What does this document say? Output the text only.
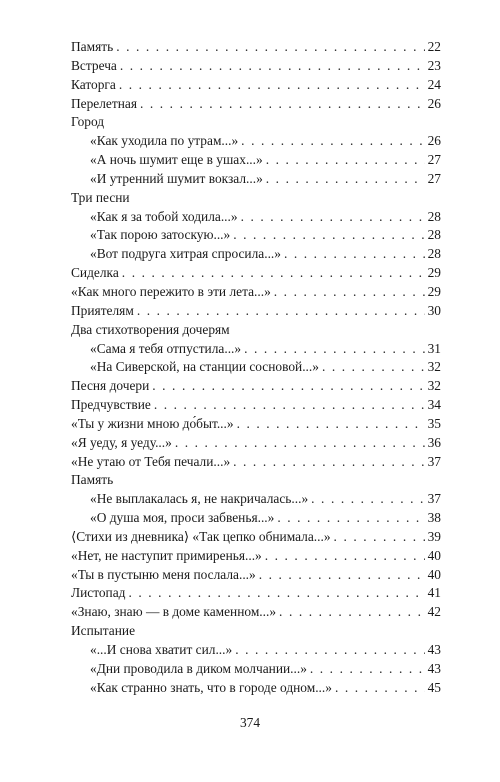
Память . . .	22
Встреча . . .	23
Каторга . . .	24
Перелетная . . .	26
Город
«Как уходила по утрам...» . . .	26
«А ночь шумит еще в ушах...» . . .	27
«И утренний шумит вокзал...» . . .	27
Три песни
«Как я за тобой ходила...» . . .	28
«Так порою затоскую...» . . .	28
«Вот подруга хитрая спросила...» . . .	28
Сиделка . . .	29
«Как много пережито в эти лета...» . . .	29
Приятелям . . .	30
Два стихотворения дочерям
«Сама я тебя отпустила...» . . .	31
«На Сиверской, на станции сосновой...» . . .	32
Песня дочери . . .	32
Предчувствие . . .	34
«Ты у жизни мною до́быт...» . . .	35
«Я уеду, я уеду...» . . .	36
«Не утаю от Тебя печали...» . . .	37
Память
«Не выплакалась я, не накричалась...» . . .	37
«О душа моя, проси забвенья...» . . .	38
⟨Стихи из дневника⟩ «Так цепко обнимала...» . . .	39
«Нет, не наступит примиренья...» . . .	40
«Ты в пустыню меня послала...» . . .	40
Листопад . . .	41
«Знаю, знаю — в доме каменном...» . . .	42
Испытание
«...И снова хватит сил...» . . .	43
«Дни проводила в диком молчании...» . . .	43
«Как странно знать, что в городе одном...» . . .	45
374
